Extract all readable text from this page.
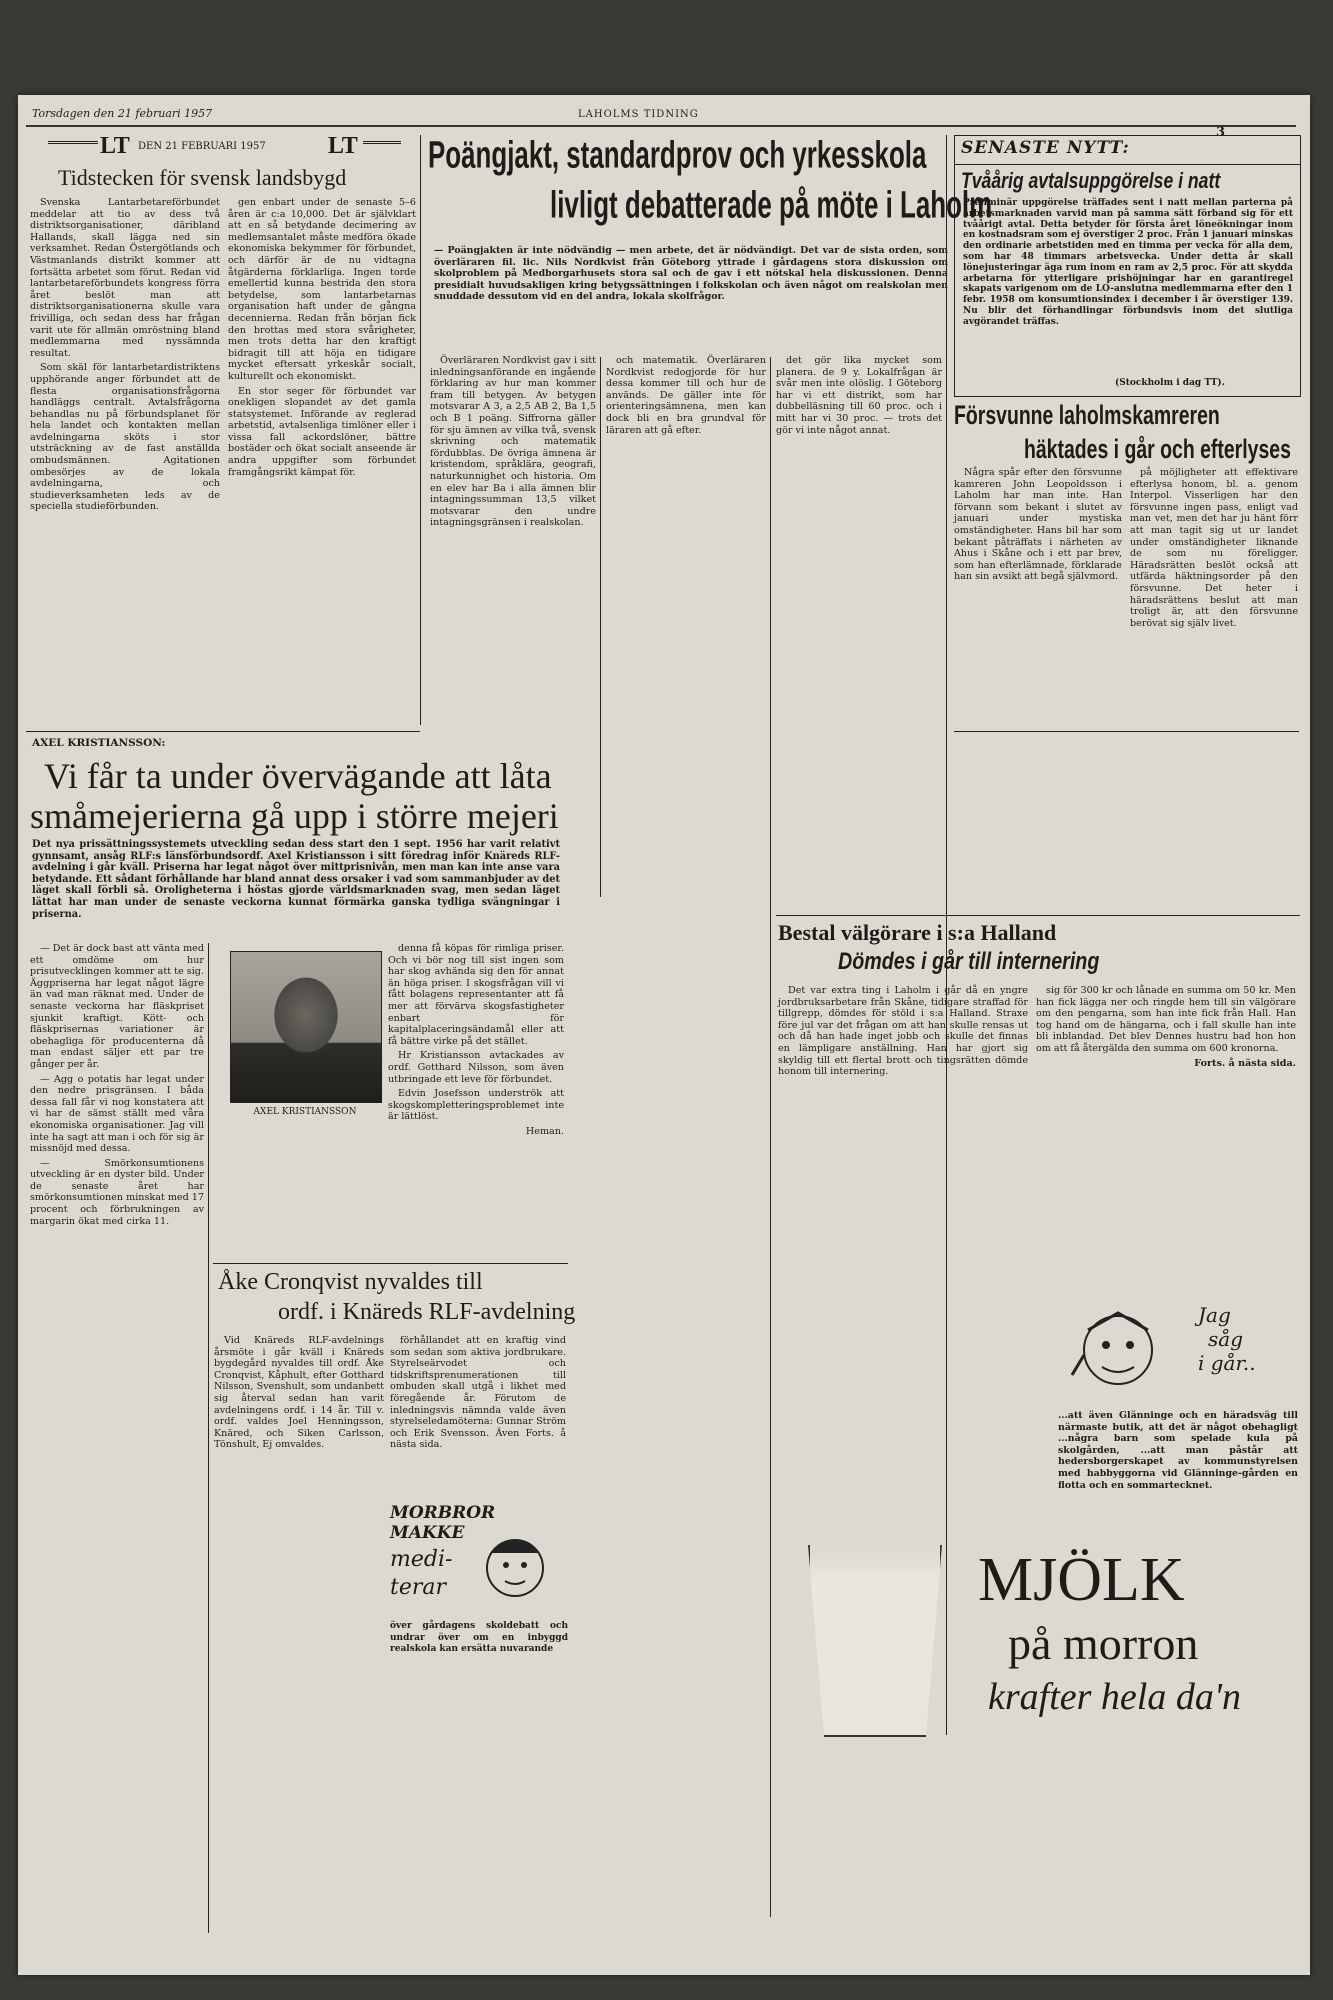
Torsdagen den 21 februari 1957	LAHOLMS TIDNING
3
LT DEN 21 FEBRUARI 1957	LT
Tidstecken för svensk landsbygd

Svenska Lantarbetareförbundet meddelar att tio av dess två distriktsorganisationer, däribland Hallands, skall lägga ned sin verksamhet. Redan Östergötlands och Västmanlands distrikt kommer att fortsätta arbetet som förut. Redan vid lantarbetareförbundets kongress förra året beslöt man att distriktsorganisationerna skulle vara frivilliga, och sedan dess har frågan varit ute för allmän omröstning bland medlemmarna med nyssämnda resultat.

Som skäl för lantarbetardistriktens upphörande anger förbundet att de flesta organisationsfrågorna handläggs centralt. Avtalsfrågorna behandlas nu på förbundsplanet för hela landet och kontakten mellan avdelningarna sköts i stor utsträckning av de fast anställda ombudsmännen. Agitationen ombesörjes av de lokala avdelningarna, och studieverksamheten leds av de speciella studieförbunden.

gen enbart under de senaste 5–6 åren är c:a 10,000. Det är självklart att en så betydande decimering av medlemsantalet måste medföra ökade ekonomiska bekymmer för förbundet, och därför är de nu vidtagna åtgärderna förklarliga. Ingen torde emellertid kunna bestrida den stora betydelse, som lantarbetarnas organisation haft under de gångna decennierna. Redan från början fick den brottas med stora svårigheter, men trots detta har den kraftigt bidragit till att höja en tidigare mycket eftersatt yrkeskår socialt, kulturellt och ekonomiskt.

En stor seger för förbundet var onekligen slopandet av det gamla statsystemet. Införande av reglerad arbetstid, avtalsenliga timlöner eller i vissa fall ackordslöner, bättre bostäder och ökat socialt anseende är andra uppgifter som förbundet framgångsrikt kämpat för.

Poängjakt, standardprov och yrkesskola
livligt debatterade på möte i Laholm
— Poängjakten är inte nödvändig — men arbete, det är nödvändigt. Det var de sista orden, som överläraren fil. lic. Nils Nordkvist från Göteborg yttrade i gårdagens stora diskussion om skolproblem på Medborgarhusets stora sal och de gav i ett nötskal hela diskussionen. Denna presidialt huvudsakligen kring betygssättningen i folkskolan och även något om realskolan men snuddade dessutom vid en del andra, lokala skolfrågor.

Överläraren Nordkvist gav i sitt inledningsanförande en ingående förklaring av hur man kommer fram till betygen. Av betygen motsvarar A 3, a 2,5 AB 2, Ba 1,5 och B 1 poäng. Siffrorna gäller för sju ämnen av vilka två, svensk skrivning och matematik fördubblas. De övriga ämnena är kristendom, språklära, geografi, naturkunnighet och historia. Om en elev har Ba i alla ämnen blir intagningssumman 13,5 vilket motsvarar den undre intagningsgränsen i realskolan.

och matematik. Överläraren Nordkvist redogjorde för hur dessa kommer till och hur de används. De gäller inte för orienteringsämnena, men kan dock bli en bra grundval för läraren att gå efter.

det gör lika mycket som planera. de 9 y. Lokalfrågan är svår men inte olöslig. I Göteborg har vi ett distrikt, som har dubbelläsning till 60 proc. och i mitt har vi 30 proc. — trots det gör vi inte något annat.

SENASTE NYTT:
Tvåårig avtalsuppgörelse i natt
Preliminär uppgörelse träffades sent i natt mellan parterna på arbetsmarknaden varvid man på samma sätt förband sig för ett tvåårigt avtal. Detta betyder för första året löneökningar inom en kostnadsram som ej överstiger 2 proc. Från 1 januari minskas den ordinarie arbetstiden med en timma per vecka för alla dem, som har 48 timmars arbetsvecka. Under detta år skall lönejusteringar äga rum inom en ram av 2,5 proc. För att skydda arbetarna för ytterligare prishöjningar har en garantiregel skapats varigenom om de LO-anslutna medlemmarna efter den 1 febr. 1958 om konsumtionsindex i december i år överstiger 139. Nu blir det förhandlingar förbundsvis inom det slutliga avgörandet träffas.
(Stockholm i dag TT).
Försvunne laholmskamreren
häktades i går och efterlyses

Några spår efter den försvunne kamreren John Leopoldsson i Laholm har man inte. Han förvann som bekant i slutet av januari under mystiska omständigheter. Hans bil har som bekant påträffats i närheten av Ahus i Skåne och i ett par brev, som han efterlämnade, förklarade han sin avsikt att begå självmord.

på möjligheter att effektivare efterlysa honom, bl. a. genom Interpol. Visserligen har den försvunne ingen pass, enligt vad man vet, men det har ju hänt förr att man tagit sig ut ur landet under omständigheter liknande de som nu föreligger. Häradsrätten beslöt också att utfärda häktningsorder på den försvunne. Det heter i häradsrättens beslut att man troligt är, att den försvunne berövat sig själv livet.

AXEL KRISTIANSSON:
Vi får ta under övervägande att låta
småmejerierna gå upp i större mejeri
Det nya prissättningssystemets utveckling sedan dess start den 1 sept. 1956 har varit relativt gynnsamt, ansåg RLF:s länsförbundsordf. Axel Kristiansson i sitt föredrag inför Knäreds RLF-avdelning i går kväll. Priserna har legat något över mittprisnivån, men man kan inte anse vara betydande. Ett sådant förhållande har bland annat dess orsaker i vad som sammanbjuder av det läget skall förbli så. Oroligheterna i höstas gjorde världsmarknaden svag, men sedan läget lättat har man under de senaste veckorna kunnat förmärka ganska tydliga svängningar i priserna.

— Det är dock bast att vänta med ett omdöme om hur prisutvecklingen kommer att te sig. Äggpriserna har legat något lägre än vad man räknat med. Under de senaste veckorna har fläskpriset sjunkit kraftigt. Kött- och fläskprisernas variationer är obehagliga för producenterna då man endast säljer ett par tre gånger per år.

— Agg o potatis har legat under den nedre prisgränsen. I båda dessa fall får vi nog konstatera att vi har de sämst ställt med våra ekonomiska organisationer. Jag vill inte ha sagt att man i och för sig är missnöjd med dessa.

— Smörkonsumtionens utveckling är en dyster bild. Under de senaste året har smörkonsumtionen minskat med 17 procent och förbrukningen av margarin ökat med cirka 11.

AXEL KRISTIANSSON

denna få köpas för rimliga priser. Och vi bör nog till sist ingen som har skog avhända sig den för annat än höga priser. I skogsfrågan vill vi fått bolagens representanter att få mer att förvärva skogsfastigheter enbart för kapitalplaceringsändamål eller att få bättre virke på det stället.

Hr Kristiansson avtackades av ordf. Gotthard Nilsson, som även utbringade ett leve för förbundet.

Edvin Josefsson underströk att skogskompletteringsproblemet inte är lättlöst.

Heman.

Åke Cronqvist nyvaldes till
ordf. i Knäreds RLF-avdelning

Vid Knäreds RLF-avdelnings årsmöte i går kväll i Knäreds bygdegård nyvaldes till ordf. Åke Cronqvist, Kåphult, efter Gotthard Nilsson, Svenshult, som undanbett sig återval sedan han varit avdelningens ordf. i 14 år. Till v. ordf. valdes Joel Henningsson, Knäred, och Siken Carlsson, Tönshult, Ej omvaldes.

förhållandet att en kraftig vind som sedan som aktiva jordbrukare. Styrelseärvodet och tidskriftsprenumerationen till ombuden skall utgå i likhet med föregående år. Förutom de inledningsvis nämnda valde även styrelseledamöterna: Gunnar Ström och Erik Svensson. Även Forts. å nästa sida.

MORBROR
MAKKE
medi-
terar
över gårdagens skoldebatt och undrar över om en inbyggd realskola kan ersätta nuvarande
Bestal välgörare i s:a Halland
Dömdes i går till internering

Det var extra ting i Laholm i går då en yngre jordbruksarbetare från Skåne, tidigare straffad för tillgrepp, dömdes för stöld i s:a Halland. Straxe före jul var det frågan om att han skulle rensas ut och då han hade inget jobb och skulle det finnas en lämpligare anställning. Han har gjort sig skyldig till ett flertal brott och tingsrätten dömde honom till internering.

sig för 300 kr och lånade en summa om 50 kr. Men han fick lägga ner och ringde hem till sin välgörare om den pengarna, som han inte fick från Hall. Han tog hand om de hängarna, och i fall skulle han inte bli inblandad. Det blev Dennes hustru bad hon hon om att få återgälda den summa om 600 kronorna.

Forts. å nästa sida.

Jag
såg
i går..
...att även Glänninge och en häradsväg till närmaste butik, att det är något obehagligt ...några barn som spelade kula på skolgården, ...att man påstår att hedersborgerskapet av kommunstyrelsen med habbyggorna vid Glänninge-gården en flotta och en sommartecknet.
MJÖLK
på morron
krafter hela da'n
